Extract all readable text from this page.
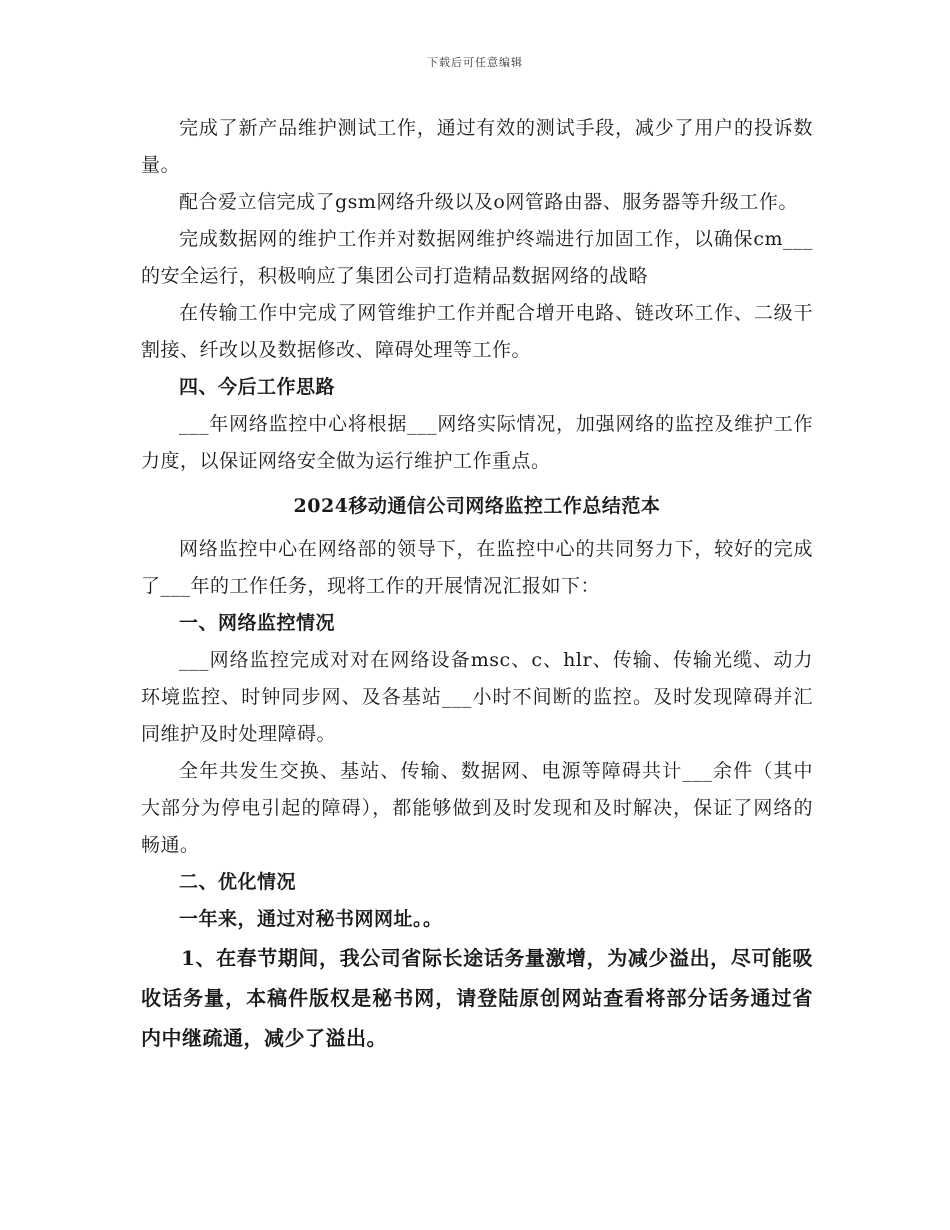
下载后可任意编辑

完成了新产品维护测试工作，通过有效的测试手段，减少了用户的投诉数量。

配合爱立信完成了gsm网络升级以及o网管路由器、服务器等升级工作。

完成数据网的维护工作并对数据网维护终端进行加固工作，以确保cm___的安全运行，积极响应了集团公司打造精品数据网络的战略

在传输工作中完成了网管维护工作并配合增开电路、链改环工作、二级干割接、纤改以及数据修改、障碍处理等工作。

四、今后工作思路

___年网络监控中心将根据___网络实际情况，加强网络的监控及维护工作力度，以保证网络安全做为运行维护工作重点。

2024移动通信公司网络监控工作总结范本

网络监控中心在网络部的领导下，在监控中心的共同努力下，较好的完成了___年的工作任务，现将工作的开展情况汇报如下：

一、网络监控情况

___网络监控完成对对在网络设备msc、c、hlr、传输、传输光缆、动力环境监控、时钟同步网、及各基站___小时不间断的监控。及时发现障碍并汇同维护及时处理障碍。

全年共发生交换、基站、传输、数据网、电源等障碍共计___余件（其中大部分为停电引起的障碍），都能够做到及时发现和及时解决，保证了网络的畅通。

二、优化情况

一年来，通过对秘书网网址。。

1、在春节期间，我公司省际长途话务量激增，为减少溢出，尽可能吸收话务量，本稿件版权是秘书网，请登陆原创网站查看将部分话务通过省内中继疏通，减少了溢出。
